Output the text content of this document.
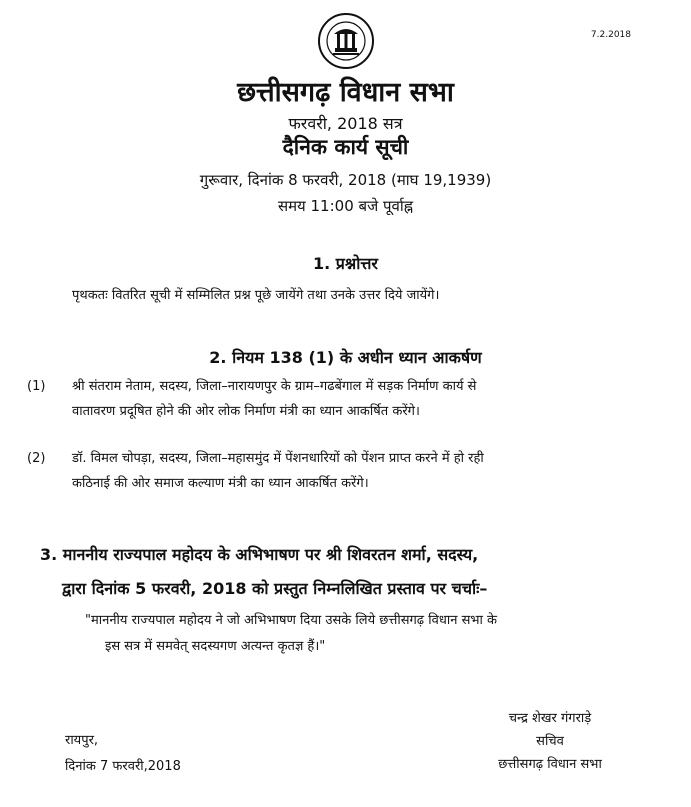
7.2.2018
छत्तीसगढ़ विधान सभा
फरवरी, 2018 सत्र
दैनिक कार्य सूची
गुरूवार, दिनांक 8 फरवरी, 2018 (माघ 19,1939)
समय 11:00 बजे पूर्वाह्न
1. प्रश्नोत्तर
पृथकतः वितरित सूची में सम्मिलित प्रश्न पूछे जायेंगे तथा उनके उत्तर दिये जायेंगे।
2. नियम 138 (1) के अधीन ध्यान आकर्षण
(1) श्री संतराम नेताम, सदस्य, जिला–नारायणपुर के ग्राम–गढबेंगाल में सड़क निर्माण कार्य से
वातावरण प्रदूषित होने की ओर लोक निर्माण मंत्री का ध्यान आकर्षित करेंगे।
(2) डॉ. विमल चोपड़ा, सदस्य, जिला–महासमुंद में पेंशनधारियों को पेंशन प्राप्त करने में हो रही
कठिनाई की ओर समाज कल्याण मंत्री का ध्यान आकर्षित करेंगे।
3. माननीय राज्यपाल महोदय के अभिभाषण पर श्री शिवरतन शर्मा, सदस्य,
द्वारा दिनांक 5 फरवरी, 2018 को प्रस्तुत निम्नलिखित प्रस्ताव पर चर्चाः–
"माननीय राज्यपाल महोदय ने जो अभिभाषण दिया उसके लिये छत्तीसगढ़ विधान सभा के
इस सत्र में समवेत् सदस्यगण अत्यन्त कृतज्ञ हैं।"
रायपुर,
दिनांक 7 फरवरी,2018
चन्द्र शेखर गंगराड़े
सचिव
छत्तीसगढ़ विधान सभा
